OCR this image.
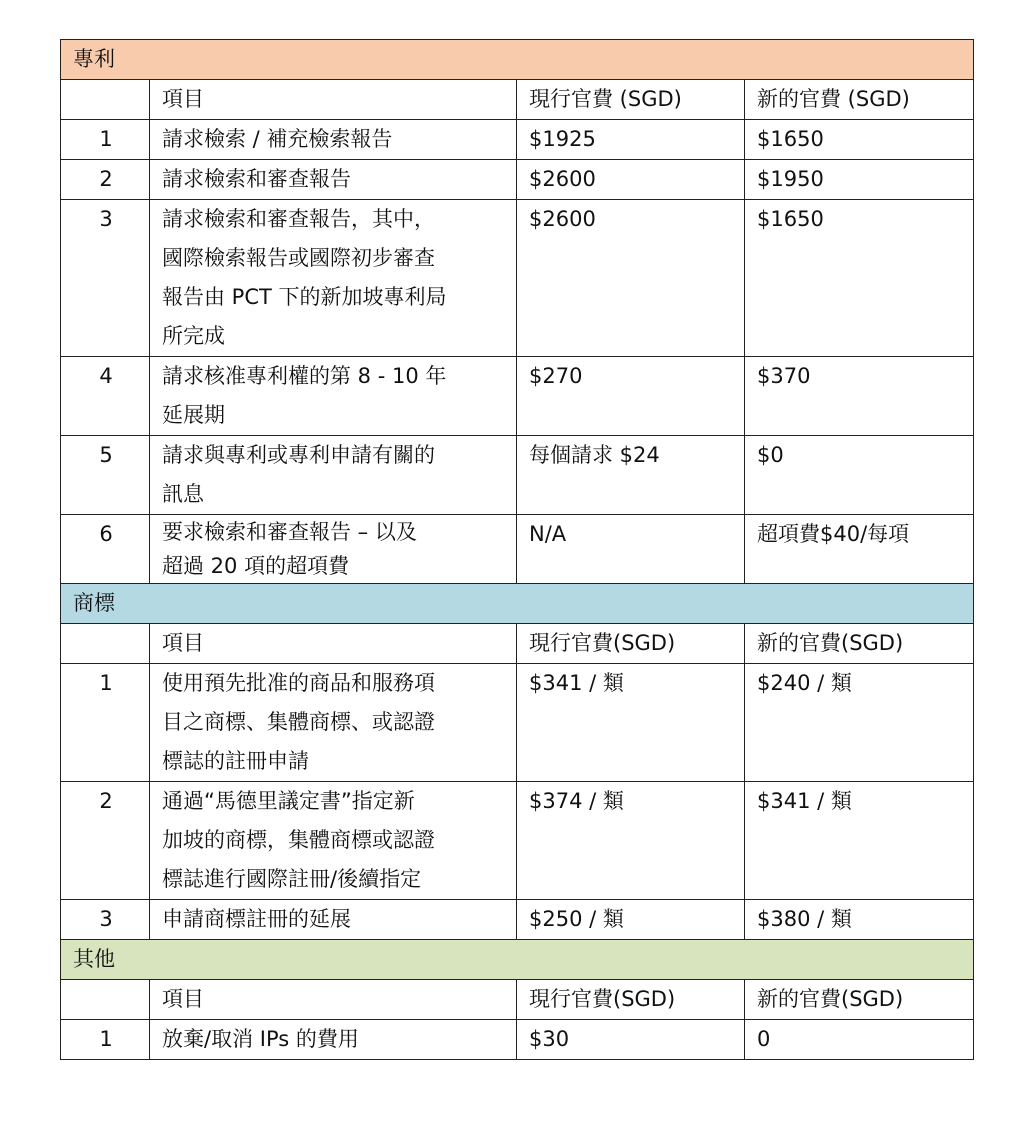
專利			
	項目	現行官費 (SGD)	新的官費 (SGD)
1	請求檢索 / 補充檢索報告	$1925	$1650
2	請求檢索和審查報告	$2600	$1950
3	請求檢索和審查報告，其中，
國際檢索報告或國際初步審查
報告由 PCT 下的新加坡專利局
所完成	$2600	$1650
4	請求核准專利權的第 8 - 10 年
延展期	$270	$370
5	請求與專利或專利申請有關的
訊息	每個請求 $24	$0
6	要求檢索和審查報告 – 以及
超過 20 項的超項費	N/A	超項費$40/每項
商標			
	項目	現行官費(SGD)	新的官費(SGD)
1	使用預先批准的商品和服務項
目之商標、集體商標、或認證
標誌的註冊申請	$341 / 類	$240 / 類
2	通過“馬德里議定書”指定新
加坡的商標，集體商標或認證
標誌進行國際註冊/後續指定	$374 / 類	$341 / 類
3	申請商標註冊的延展	$250 / 類	$380 / 類
其他			
	項目	現行官費(SGD)	新的官費(SGD)
1	放棄/取消 IPs 的費用	$30	0
